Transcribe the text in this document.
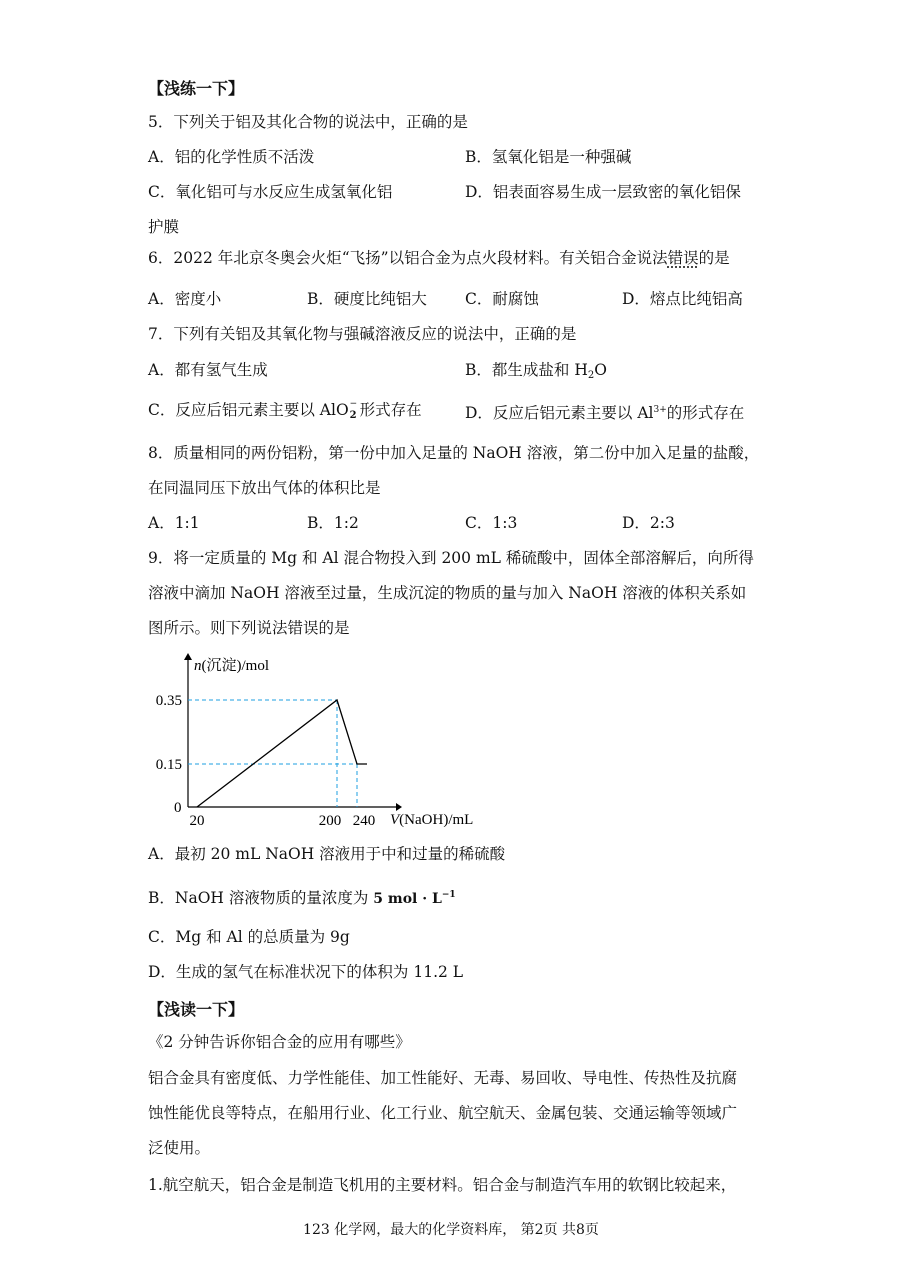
【浅练一下】
5．下列关于铝及其化合物的说法中，正确的是
A．铝的化学性质不活泼	B．氢氧化铝是一种强碱
C．氧化铝可与水反应生成氢氧化铝	D．铝表面容易生成一层致密的氧化铝保
护膜
6．2022 年北京冬奥会火炬“飞扬”以铝合金为点火段材料。有关铝合金说法错误的是
A．密度小	B．硬度比纯铝大 C．耐腐蚀	D．熔点比纯铝高
7．下列有关铝及其氧化物与强碱溶液反应的说法中，正确的是
A．都有氢气生成	B．都生成盐和 $H_2O$
C．反应后铝元素主要以 AlO −
2 形式存在	D．反应后铝元素主要以 $Al^{3+}$的形式存在
8．质量相同的两份铝粉，第一份中加入足量的 NaOH 溶液，第二份中加入足量的盐酸，
在同温同压下放出气体的体积比是
A．1:1	B．1:2	C．1:3	D．2:3
9．将一定质量的 Mg 和 Al 混合物投入到 200 mL 稀硫酸中，固体全部溶解后，向所得
溶液中滴加 NaOH 溶液至过量，生成沉淀的物质的量与加入 NaOH 溶液的体积关系如
图所示。则下列说法错误的是
n(沉淀)/mol
V(NaOH)/mL
0
0.35
0.15
20	200 240
A．最初 20 mL NaOH 溶液用于中和过量的稀硫酸
B．NaOH 溶液物质的量浓度为 5 mol · $L^{-1}$
C．Mg 和 Al 的总质量为 9g
D．生成的氢气在标准状况下的体积为 11.2 L
【浅读一下】
《2 分钟告诉你铝合金的应用有哪些》
铝合金具有密度低、力学性能佳、加工性能好、无毒、易回收、导电性、传热性及抗腐
蚀性能优良等特点，在船用行业、化工行业、航空航天、金属包装、交通运输等领域广
泛使用。
1.航空航天，铝合金是制造飞机用的主要材料。铝合金与制造汽车用的软钢比较起来，
123 化学网，最大的化学资料库， 第2页 共8页
